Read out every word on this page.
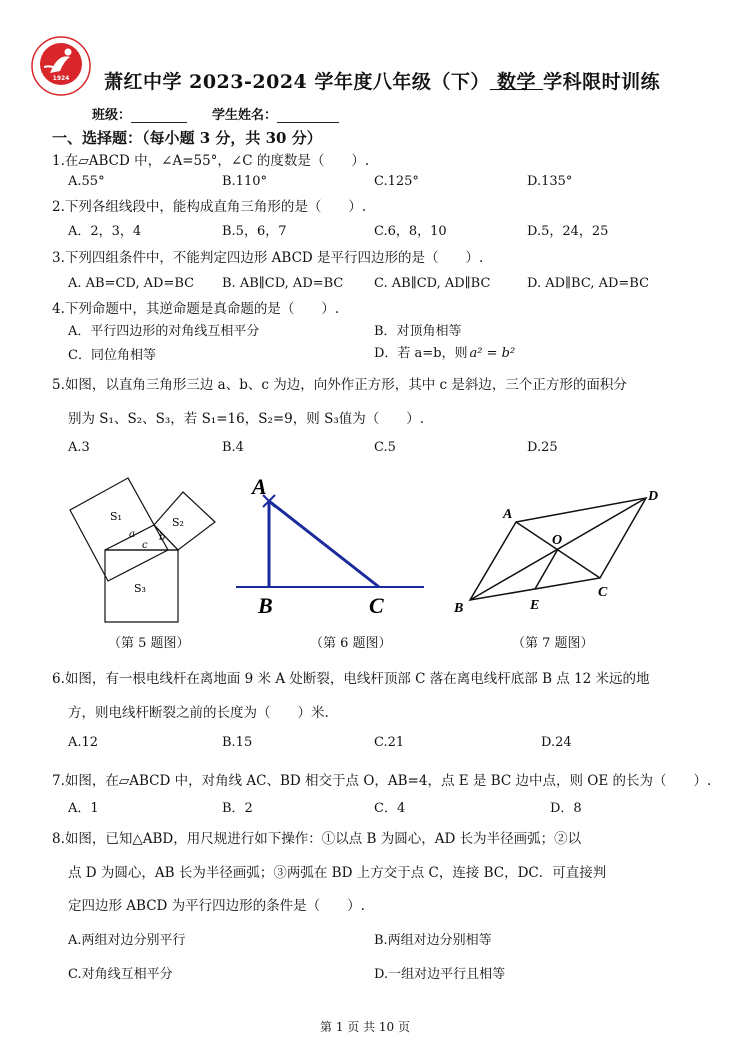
1924 萧红中学 2023-2024 学年度八年级（下） 数学 学科限时训练
班级：	学生姓名：
一、选择题：（每小题 3 分，共 30 分）
1.在▱ABCD 中，∠A=55°，∠C 的度数是（　　）.
A.55°	B.110°	C.125°	D.135°
2.下列各组线段中，能构成直角三角形的是（　　）.
A．2，3，4	B.5，6，7	C.6，8，10	D.5，24，25
3.下列四组条件中，不能判定四边形 ABCD 是平行四边形的是（　　）.
A. AB=CD, AD=BC B. AB∥CD, AD=BC C. AB∥CD, AD∥BC	D. AD∥BC, AD=BC
4.下列命题中，其逆命题是真命题的是（　　）.
A．平行四边形的对角线互相平分	B．对顶角相等
C．同位角相等	D．若 a=b，则 a² = b²
5.如图，以直角三角形三边 a、b、c 为边，向外作正方形，其中 c 是斜边，三个正方形的面积分
别为 S₁、S₂、S₃，若 S₁=16，S₂=9，则 S₃值为（　　）.
A.3	B.4	C.5	D.25
S₁	S₂
S₃
a b
c
（第 5 题图）
A
B	C
（第 6 题图）
A
D
O
B	E
C
（第 7 题图）
6.如图，有一根电线杆在离地面 9 米 A 处断裂，电线杆顶部 C 落在离电线杆底部 B 点 12 米远的地
方，则电线杆断裂之前的长度为（　　）米.
A.12	B.15	C.21	D.24
7.如图，在▱ABCD 中，对角线 AC、BD 相交于点 O，AB=4，点 E 是 BC 边中点，则 OE 的长为（　　）.
A．1	B．2	C．4	D．8
8.如图，已知△ABD，用尺规进行如下操作：①以点 B 为圆心，AD 长为半径画弧；②以
点 D 为圆心，AB 长为半径画弧；③两弧在 BD 上方交于点 C，连接 BC，DC．可直接判
定四边形 ABCD 为平行四边形的条件是（　　）.
A.两组对边分别平行	B.两组对边分别相等
C.对角线互相平分	D.一组对边平行且相等
第 1 页 共 10 页
